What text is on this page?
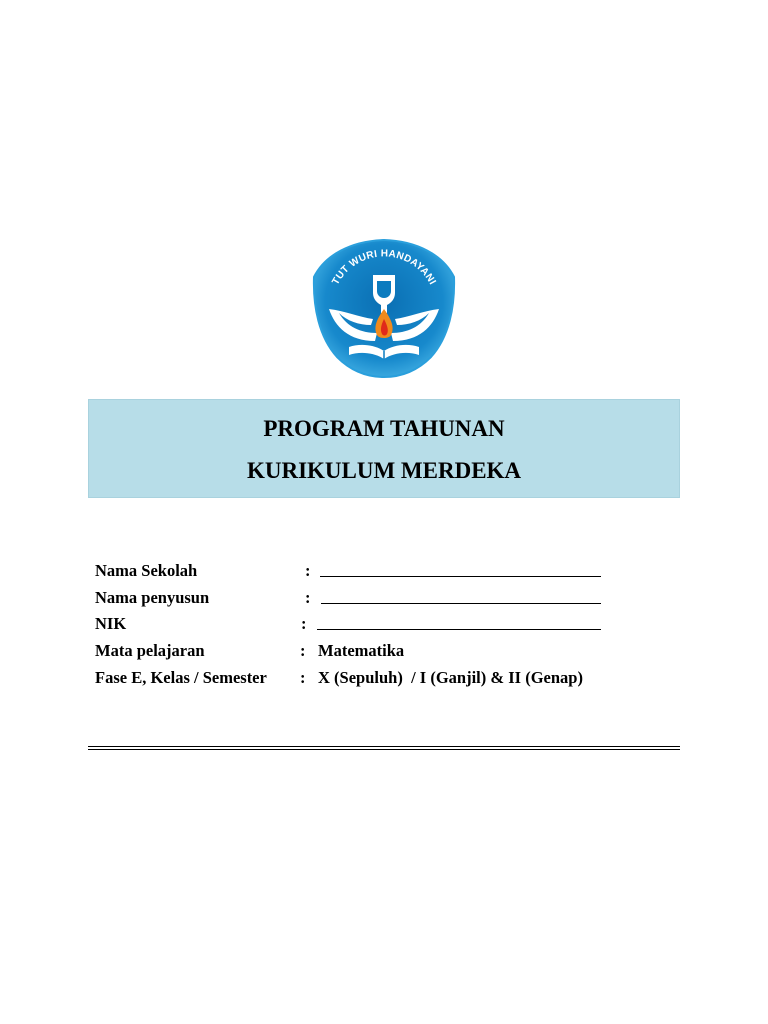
TUT WURI HANDAYANI
PROGRAM TAHUNAN
KURIKULUM MERDEKA
Nama Sekolah	:
Nama penyusun	:
NIK	:
Mata pelajaran	: Matematika
Fase E, Kelas / Semester : X (Sepuluh)  / I (Ganjil) & II (Genap)
